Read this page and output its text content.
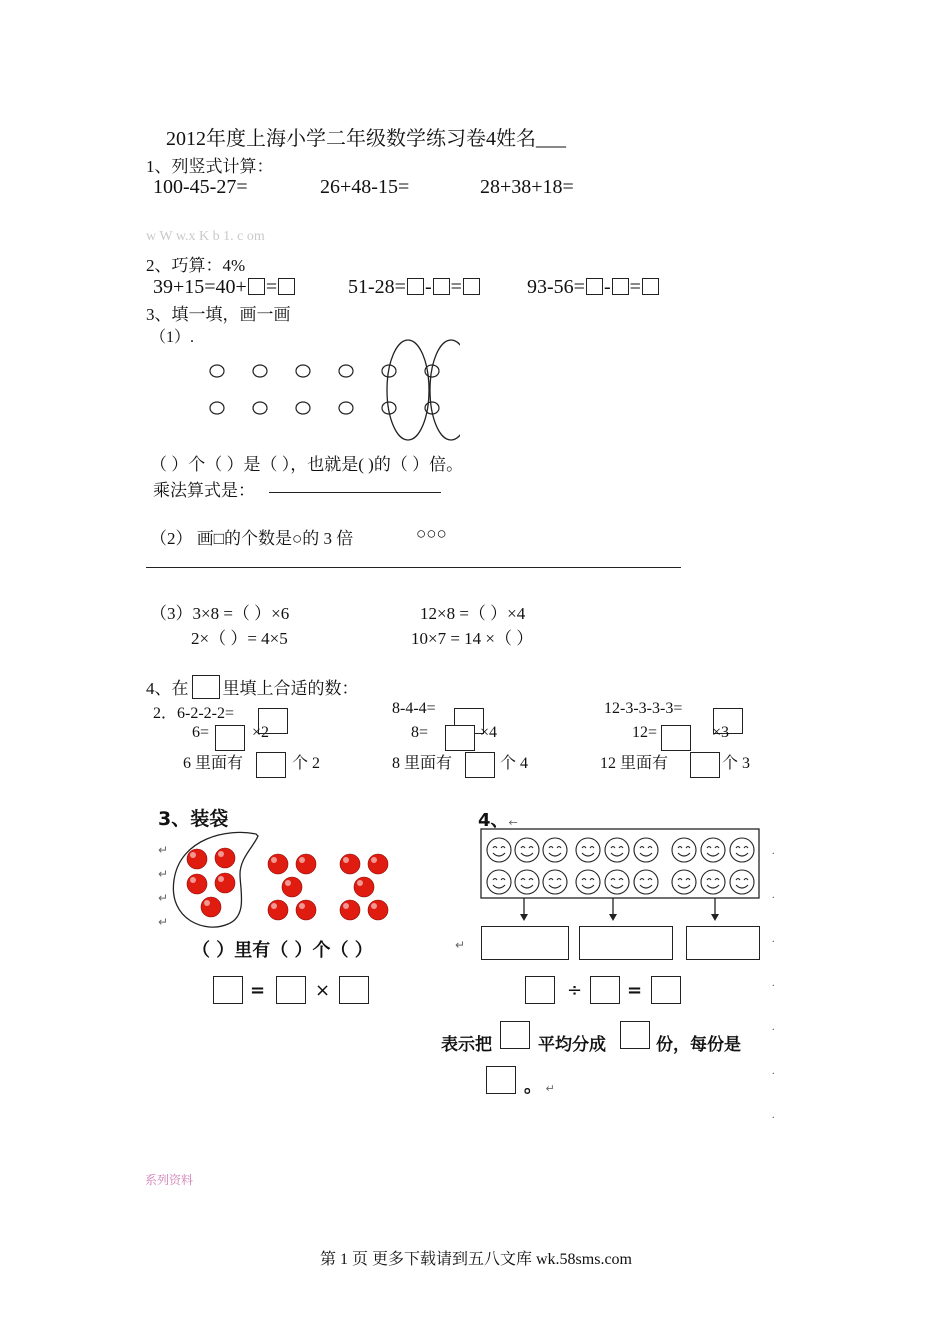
2012年度上海小学二年级数学练习卷4姓名___
1、列竖式计算：
100-45-27=	26+48-15=	28+38+18=
w W w.x K b 1. c om
2、巧算：4%
39+15=40+ =	51-28= - =	93-56= - =
3、填一填，画一画
（1）.
（ ）个（ ）是（ ），也就是( )的（ ）倍。
乘法算式是：
（2） 画□的个数是○的 3 倍	○○○
（3）3×8 =（ ）×6	12×8 =（ ）×4
2×（ ）= 4×5	10×7 = 14 ×（ ）
4、在 里填上合适的数：
2．6-2-2-2=
6=	×2
6 里面有	个 2
8-4-4=
8=	×4
8 里面有	个 4
12-3-3-3-3=
12=	×3
12 里面有	个 3
3、装袋
↵
↵
↵
↵
（ ）里有（ ）个（ ）	↵
=	×
4、←
÷ =
表示把	平均分成	份，每份是
。 ↵
.
.
.
.
.
.
.
系列资料
第 1 页 更多下载请到五八文库 wk.58sms.com
